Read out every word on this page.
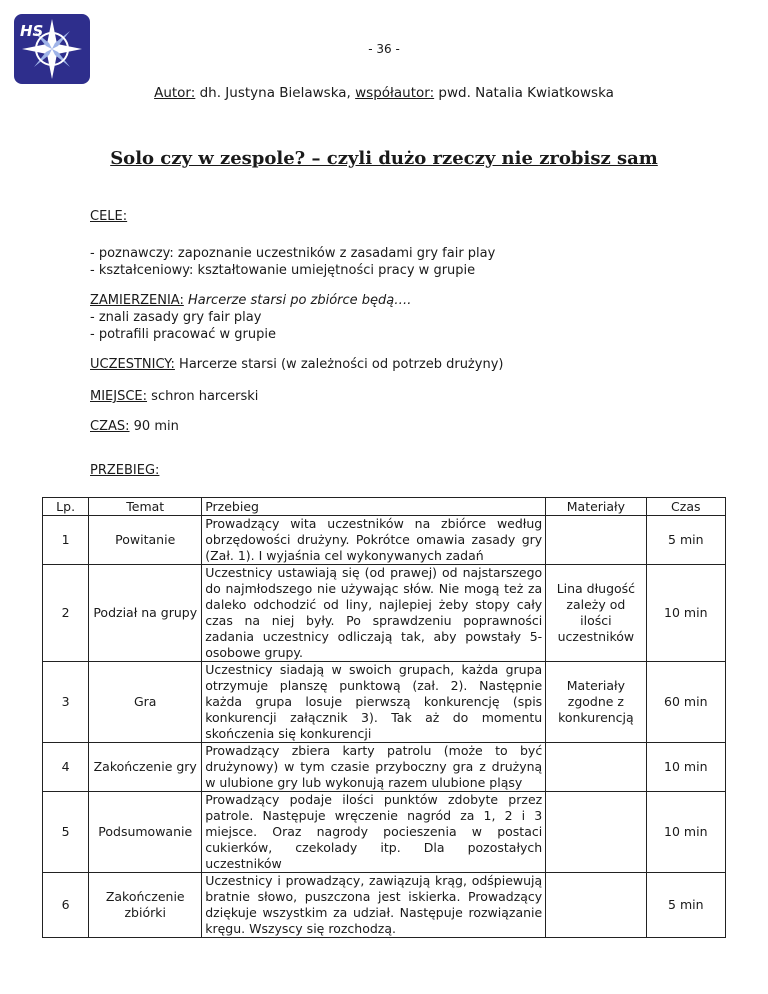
HS
- 36 -
Autor: dh. Justyna Bielawska, współautor: pwd. Natalia Kwiatkowska
Solo czy w zespole? – czyli dużo rzeczy nie zrobisz sam
CELE:
- poznawczy: zapoznanie uczestników z zasadami gry fair play
- kształceniowy: kształtowanie umiejętności pracy w grupie
ZAMIERZENIA: Harcerze starsi po zbiórce będą….
- znali zasady gry fair play
- potrafili pracować w grupie
UCZESTNICY: Harcerze starsi (w zależności od potrzeb drużyny)
MIEJSCE: schron harcerski
CZAS: 90 min
PRZEBIEG:
Lp.	Temat	Przebieg	Materiały	Czas
1	Powitanie	Prowadzący wita uczestników na zbiórce według obrzędowości drużyny. Pokrótce omawia zasady gry (Zał. 1). I wyjaśnia cel wykonywanych zadań		5 min
2	Podział na grupy	Uczestnicy ustawiają się (od prawej) od najstarszego do najmłodszego nie używając słów. Nie mogą też za daleko odchodzić od liny, najlepiej żeby stopy cały czas na niej były. Po sprawdzeniu poprawności zadania uczestnicy odliczają tak, aby powstały 5-osobowe grupy.	Lina długość zależy od ilości uczestników	10 min
3	Gra	Uczestnicy siadają w swoich grupach, każda grupa otrzymuje planszę punktową (zał. 2). Następnie każda grupa losuje pierwszą konkurencję (spis konkurencji załącznik 3). Tak aż do momentu skończenia się konkurencji	Materiały zgodne z konkurencją	60 min
4	Zakończenie gry	Prowadzący zbiera karty patrolu (może to być drużynowy) w tym czasie przyboczny gra z drużyną w ulubione gry lub wykonują razem ulubione pląsy		10 min
5	Podsumowanie	Prowadzący podaje ilości punktów zdobyte przez patrole. Następuje wręczenie nagród za 1, 2 i 3 miejsce. Oraz nagrody pocieszenia w postaci cukierków, czekolady itp. Dla pozostałych uczestników		10 min
6	Zakończenie zbiórki	Uczestnicy i prowadzący, zawiązują krąg, odśpiewują bratnie słowo, puszczona jest iskierka. Prowadzący dziękuje wszystkim za udział. Następuje rozwiązanie kręgu. Wszyscy się rozchodzą.		5 min
